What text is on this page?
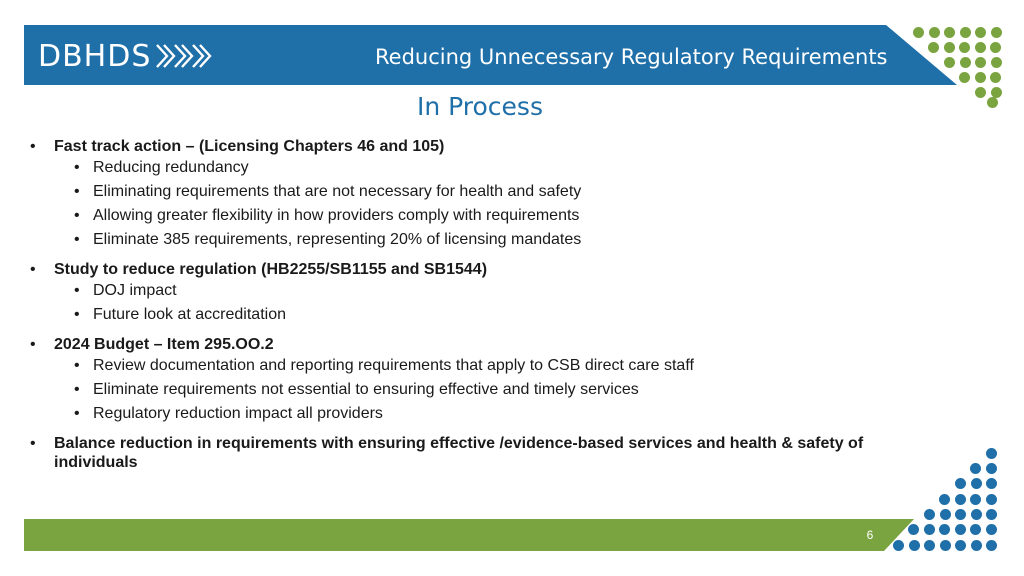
DBHDS	Reducing Unnecessary Regulatory Requirements
In Process
• Fast track action – (Licensing Chapters 46 and 105)
• Reducing redundancy
• Eliminating requirements that are not necessary for health and safety
• Allowing greater flexibility in how providers comply with requirements
• Eliminate 385 requirements, representing 20% of licensing mandates
• Study to reduce regulation (HB2255/SB1155 and SB1544)
• DOJ impact
• Future look at accreditation
• 2024 Budget – Item 295.OO.2
• Review documentation and reporting requirements that apply to CSB direct care staff
• Eliminate requirements not essential to ensuring effective and timely services
• Regulatory reduction impact all providers
• Balance reduction in requirements with ensuring effective /evidence-based services and health & safety of individuals
6
